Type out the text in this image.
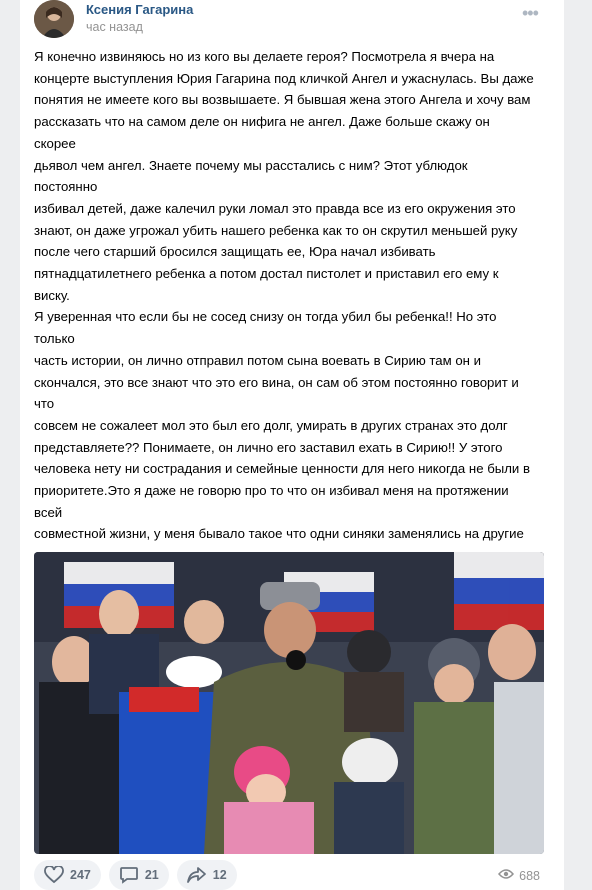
Ксения Гагарина
час назад
•••
Я конечно извиняюсь но из кого вы делаете героя? Посмотрела я вчера на
концерте выступления Юрия Гагарина под кличкой Ангел и ужаснулась. Вы даже
понятия не имеете кого вы возвышаете. Я бывшая жена этого Ангела и хочу вам
рассказать что на самом деле он нифига не ангел. Даже больше скажу он скорее
дьявол чем ангел. Знаете почему мы расстались с ним? Этот ублюдок постоянно
избивал детей, даже калечил руки ломал это правда все из его окружения это
знают, он даже угрожал убить нашего ребенка как то он скрутил меньшей руку
после чего старший бросился защищать ее, Юра начал избивать
пятнадцатилетнего ребенка а потом достал пистолет и приставил его ему к виску.
Я уверенная что если бы не сосед снизу он тогда убил бы ребенка!! Но это только
часть истории, он лично отправил потом сына воевать в Сирию там он и
скончался, это все знают что это его вина, он сам об этом постоянно говорит и что
совсем не сожалеет мол это был его долг, умирать в других странах это долг
представляете?? Понимаете, он лично его заставил ехать в Сирию!! У этого
человека нету ни сострадания и семейные ценности для него никогда не были в
приоритете.Это я даже не говорю про то что он избивал меня на протяжении всей
совместной жизни, у меня бывало такое что одни синяки заменялись на другие

247	21	12	688
